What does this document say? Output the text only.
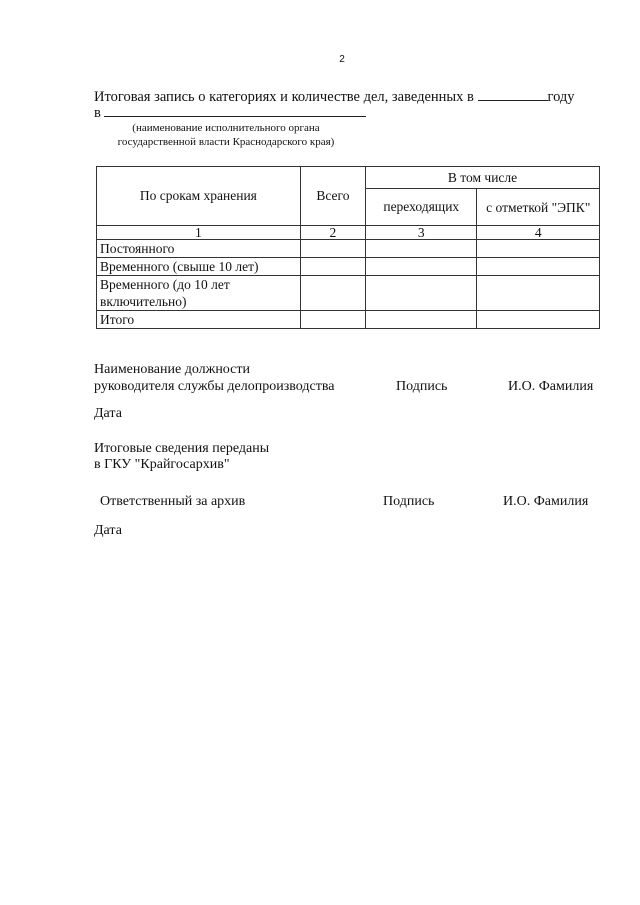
2
Итоговая запись о категориях и количестве дел, заведенных в	году
в
(наименование исполнительного органа государственной власти Краснодарского края)
По срокам хранения	Всего	В том числе	
		переходящих	с отметкой "ЭПК"
1	2	3	4
Постоянного			
Временного (свыше 10 лет)			
Временного (до 10 лет включительно)			
Итого			
Наименование должности
руководителя службы делопроизводства	Подпись	И.О. Фамилия
Дата
Итоговые сведения переданы
в ГКУ "Крайгосархив"
Ответственный за архив	Подпись	И.О. Фамилия
Дата
